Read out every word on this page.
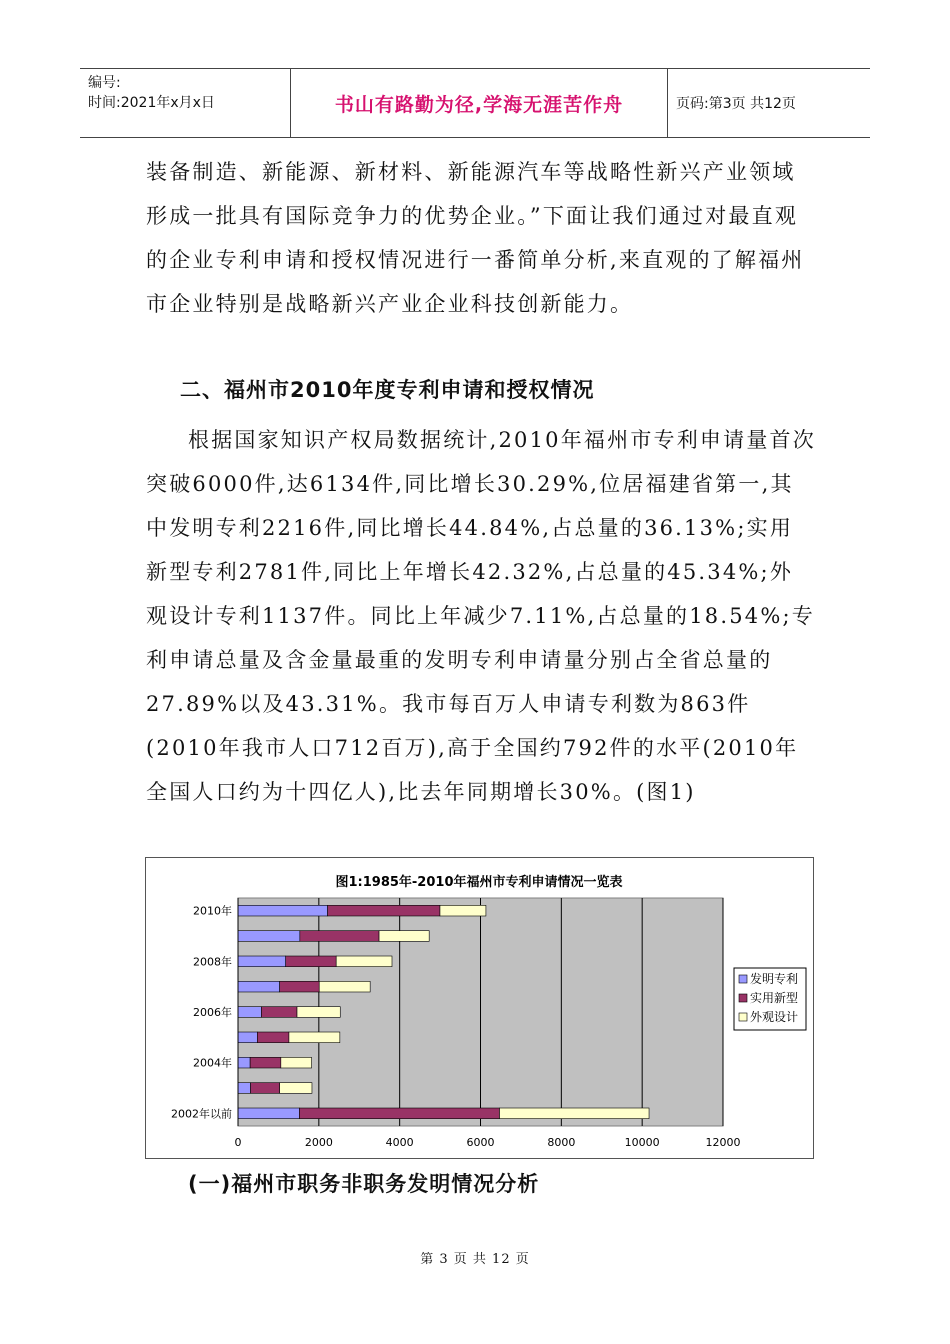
编号:
时间:2021年x月x日	书山有路勤为径,学海无涯苦作舟	页码:第3页 共12页

装备制造、新能源、新材料、新能源汽车等战略性新兴产业领域形成一批具有国际竞争力的优势企业。”下面让我们通过对最直观的企业专利申请和授权情况进行一番简单分析,来直观的了解福州市企业特别是战略新兴产业企业科技创新能力。

二、福州市2010年度专利申请和授权情况

根据国家知识产权局数据统计,2010年福州市专利申请量首次突破6000件,达6134件,同比增长30.29%,位居福建省第一,其中发明专利2216件,同比增长44.84%,占总量的36.13%;实用新型专利2781件,同比上年增长42.32%,占总量的45.34%;外观设计专利1137件。同比上年减少7.11%,占总量的18.54%;专利申请总量及含金量最重的发明专利申请量分别占全省总量的27.89%以及43.31%。我市每百万人申请专利数为863件(2010年我市人口712百万),高于全国约792件的水平(2010年全国人口约为十四亿人),比去年同期增长30%。(图1)

图1:1985年-2010年福州市专利申请情况一览表
0	2000	4000	6000	8000	10000	12000
2010年
2008年
2006年
2004年
2002年以前
发明专利
实用新型
外观设计
(一)福州市职务非职务发明情况分析
第 3 页 共 12 页
